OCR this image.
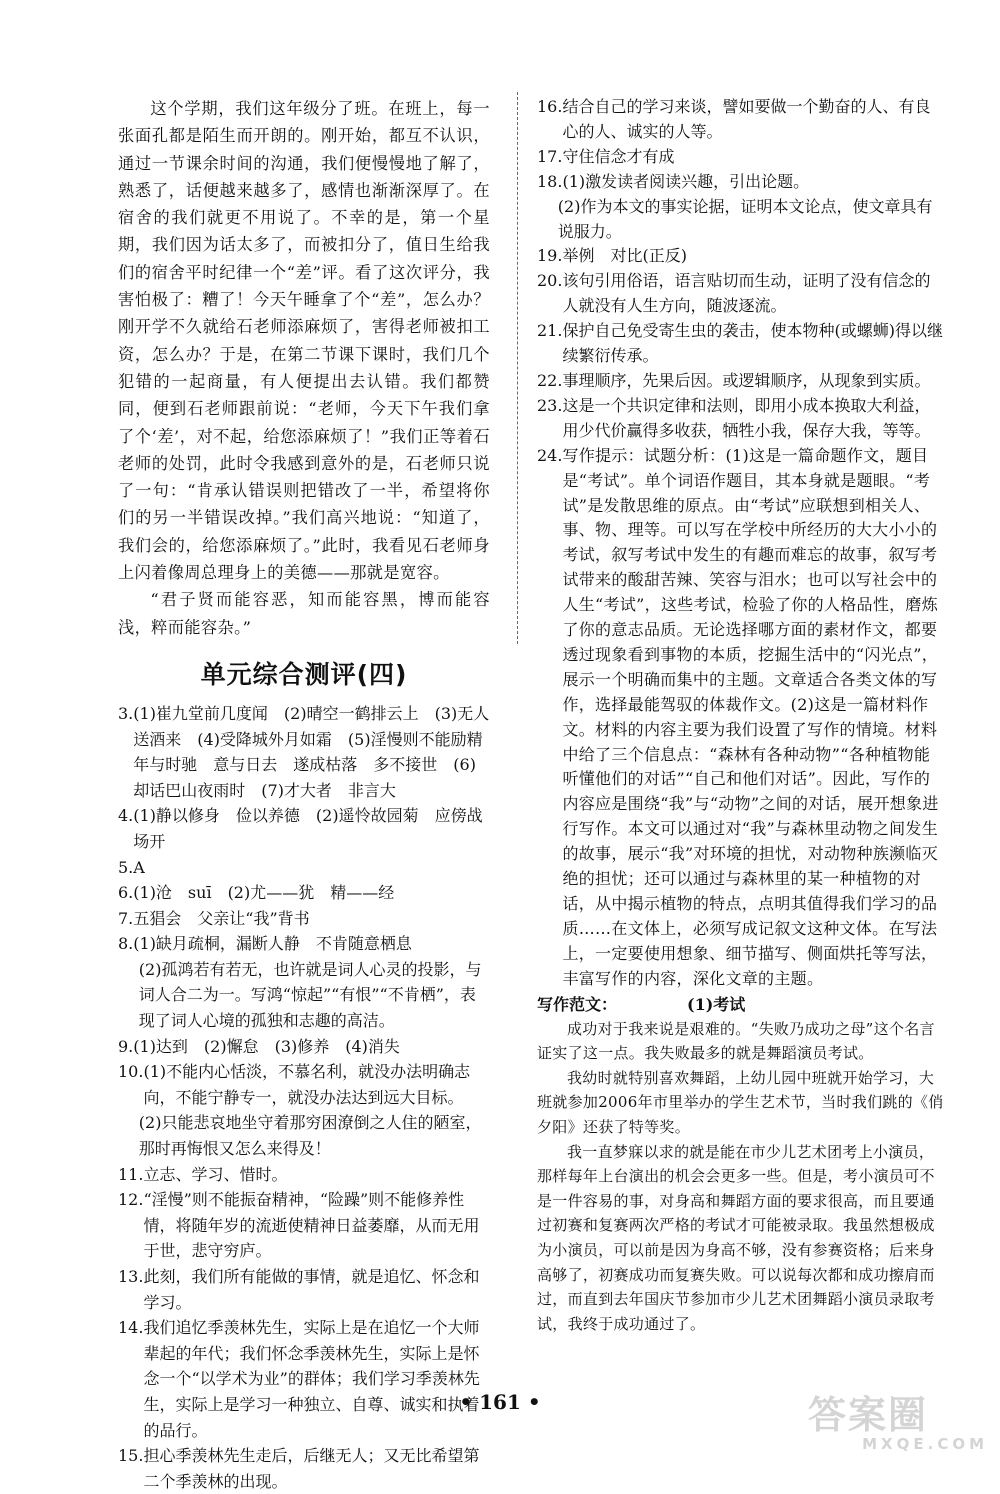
这个学期，我们这年级分了班。在班上，每一张面孔都是陌生而开朗的。刚开始，都互不认识，通过一节课余时间的沟通，我们便慢慢地了解了，熟悉了，话便越来越多了，感情也渐渐深厚了。在宿舍的我们就更不用说了。不幸的是，第一个星期，我们因为话太多了，而被扣分了，值日生给我们的宿舍平时纪律一个“差”评。看了这次评分，我害怕极了：糟了！今天午睡拿了个“差”，怎么办？刚开学不久就给石老师添麻烦了，害得老师被扣工资，怎么办？于是，在第二节课下课时，我们几个犯错的一起商量，有人便提出去认错。我们都赞同，便到石老师跟前说：“老师，今天下午我们拿了个‘差’，对不起，给您添麻烦了！”我们正等着石老师的处罚，此时令我感到意外的是，石老师只说了一句：“肯承认错误则把错改了一半，希望将你们的另一半错误改掉。”我们高兴地说：“知道了，我们会的，给您添麻烦了。”此时，我看见石老师身上闪着像周总理身上的美德——那就是宽容。

“君子贤而能容恶，知而能容黑，博而能容浅，粹而能容杂。”

单元综合测评(四)
3. (1)崔九堂前几度闻　(2)晴空一鹤排云上　(3)无人送酒来　(4)受降城外月如霜　(5)淫慢则不能励精　年与时驰　意与日去　遂成枯落　多不接世　(6)却话巴山夜雨时　(7)才大者　非言大
4. (1)静以修身　俭以养德　(2)遥怜故园菊　应傍战场开
5. A
6. (1)沧　suī　(2)尤——犹　精——经
7. 五猖会　父亲让“我”背书
8. (1)缺月疏桐，漏断人静　不肯随意栖息
(2)孤鸿若有若无，也许就是词人心灵的投影，与词人合二为一。写鸿“惊起”“有恨”“不肯栖”，表现了词人心境的孤独和志趣的高洁。
9. (1)达到　(2)懈怠　(3)修养　(4)消失
10. (1)不能内心恬淡，不慕名利，就没办法明确志向，不能宁静专一，就没办法达到远大目标。
(2)只能悲哀地坐守着那穷困潦倒之人住的陋室，那时再悔恨又怎么来得及！
11. 立志、学习、惜时。
12. “淫慢”则不能振奋精神，“险躁”则不能修养性情，将随年岁的流逝使精神日益萎靡，从而无用于世，悲守穷庐。
13. 此刻，我们所有能做的事情，就是追忆、怀念和学习。
14. 我们追忆季羡林先生，实际上是在追忆一个大师辈起的年代；我们怀念季羡林先生，实际上是怀念一个“以学术为业”的群体；我们学习季羡林先生，实际上是学习一种独立、自尊、诚实和执着的品行。
15. 担心季羡林先生走后，后继无人；又无比希望第二个季羡林的出现。
16. 结合自己的学习来谈，譬如要做一个勤奋的人、有良心的人、诚实的人等。
17. 守住信念才有成
18. (1)激发读者阅读兴趣，引出论题。
(2)作为本文的事实论据，证明本文论点，使文章具有说服力。
19. 举例　对比(正反)
20. 该句引用俗语，语言贴切而生动，证明了没有信念的人就没有人生方向，随波逐流。
21. 保护自己免受寄生虫的袭击，使本物种(或螺蛳)得以继续繁衍传承。
22. 事理顺序，先果后因。或逻辑顺序，从现象到实质。
23. 这是一个共识定律和法则，即用小成本换取大利益，用少代价赢得多收获，牺牲小我，保存大我，等等。
24. 写作提示：试题分析：(1)这是一篇命题作文，题目是“考试”。单个词语作题目，其本身就是题眼。“考试”是发散思维的原点。由“考试”应联想到相关人、事、物、理等。可以写在学校中所经历的大大小小的考试，叙写考试中发生的有趣而难忘的故事，叙写考试带来的酸甜苦辣、笑容与泪水；也可以写社会中的人生“考试”，这些考试，检验了你的人格品性，磨炼了你的意志品质。无论选择哪方面的素材作文，都要透过现象看到事物的本质，挖掘生活中的“闪光点”，展示一个明确而集中的主题。文章适合各类文体的写作，选择最能驾驭的体裁作文。(2)这是一篇材料作文。材料的内容主要为我们设置了写作的情境。材料中给了三个信息点：“森林有各种动物”“各种植物能听懂他们的对话”“自己和他们对话”。因此，写作的内容应是围绕“我”与“动物”之间的对话，展开想象进行写作。本文可以通过对“我”与森林里动物之间发生的故事，展示“我”对环境的担忧，对动物种族濒临灭绝的担忧；还可以通过与森林里的某一种植物的对话，从中揭示植物的特点，点明其值得我们学习的品质……在文体上，必须写成记叙文这种文体。在写法上，一定要使用想象、细节描写、侧面烘托等写法，丰富写作的内容，深化文章的主题。
写作范文：	(1)考试

成功对于我来说是艰难的。“失败乃成功之母”这个名言证实了这一点。我失败最多的就是舞蹈演员考试。

我幼时就特别喜欢舞蹈，上幼儿园中班就开始学习，大班就参加2006年市里举办的学生艺术节，当时我们跳的《俏夕阳》还获了特等奖。

我一直梦寐以求的就是能在市少儿艺术团考上小演员，那样每年上台演出的机会会更多一些。但是，考小演员可不是一件容易的事，对身高和舞蹈方面的要求很高，而且要通过初赛和复赛两次严格的考试才可能被录取。我虽然想极成为小演员，可以前是因为身高不够，没有参赛资格；后来身高够了，初赛成功而复赛失败。可以说每次都和成功擦肩而过，而直到去年国庆节参加市少儿艺术团舞蹈小演员录取考试，我终于成功通过了。

• 161 •	答案圈
MXQE.COM
